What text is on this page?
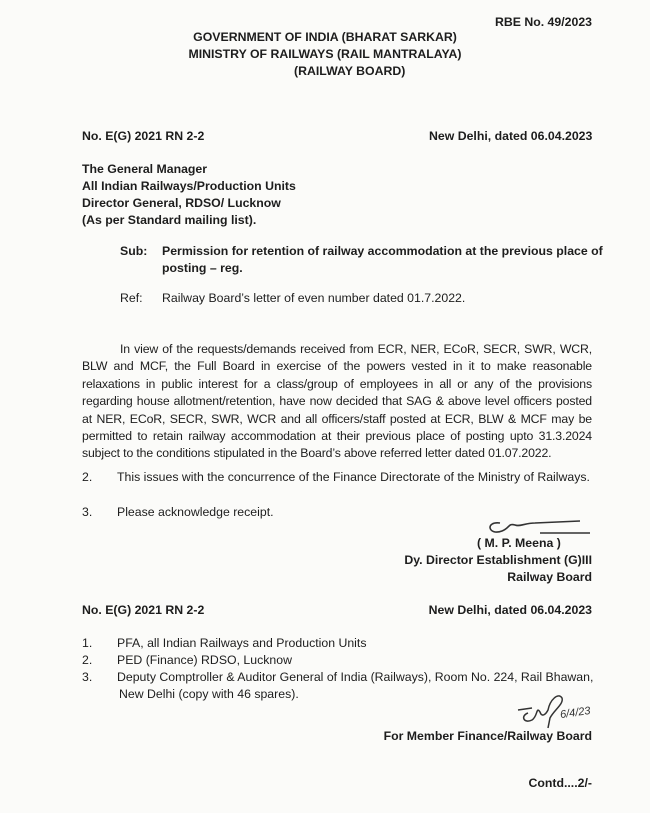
RBE No. 49/2023
GOVERNMENT OF INDIA (BHARAT SARKAR)
MINISTRY OF RAILWAYS (RAIL MANTRALAYA)
(RAILWAY BOARD)
No. E(G) 2021 RN 2-2	New Delhi, dated 06.04.2023
The General Manager
All Indian Railways/Production Units
Director General, RDSO/ Lucknow
(As per Standard mailing list).
Sub: Permission for retention of railway accommodation at the previous place of
posting – reg.
Ref: Railway Board’s letter of even number dated 01.7.2022.
In view of the requests/demands received from ECR, NER, ECoR, SECR, SWR, WCR, BLW and MCF, the Full Board in exercise of the powers vested in it to make reasonable relaxations in public interest for a class/group of employees in all or any of the provisions regarding house allotment/retention, have now decided that SAG & above level officers posted at NER, ECoR, SECR, SWR, WCR and all officers/staff posted at ECR, BLW & MCF may be permitted to retain railway accommodation at their previous place of posting upto 31.3.2024 subject to the conditions stipulated in the Board’s above referred letter dated 01.07.2022.
2.	This issues with the concurrence of the Finance Directorate of the Ministry of Railways.
3.	Please acknowledge receipt.
( M. P. Meena )
Dy. Director Establishment (G)III
Railway Board
No. E(G) 2021 RN 2-2	New Delhi, dated 06.04.2023
1.	PFA, all Indian Railways and Production Units
2.	PED (Finance) RDSO, Lucknow
3.	Deputy Comptroller & Auditor General of India (Railways), Room No. 224, Rail Bhawan,
New Delhi (copy with 46 spares).
6/4/23
For Member Finance/Railway Board
Contd....2/-
